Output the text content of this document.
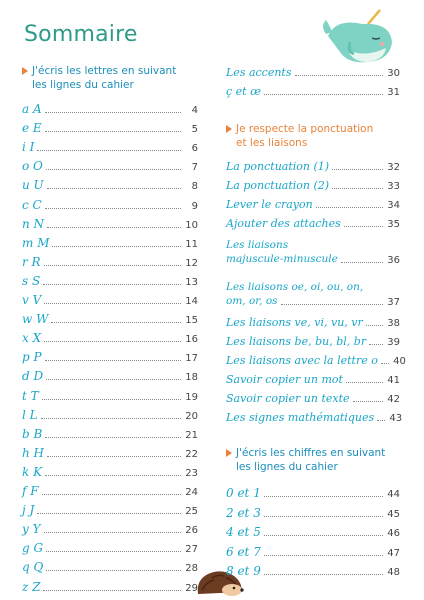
Sommaire
J'écris les lettres en suivant
les lignes du cahier
a A	4
e E	5
i I	6
o O	7
u U	8
c C	9
n N	10
m M	11
r R	12
s S	13
v V	14
w W	15
x X	16
p P	17
d D	18
t T	19
l L	20
b B	21
h H	22
k K	23
f F	24
j J	25
y Y	26
g G	27
q Q	28
z Z	29
Les accents	30
ç et œ	31
Je respecte la ponctuation
et les liaisons
La ponctuation (1)	32
La ponctuation (2)	33
Lever le crayon	34
Ajouter des attaches	35
Les liaisons
majuscule-minuscule	36
Les liaisons oe, oi, ou, on,
om, or, os	37
Les liaisons ve, vi, vu, vr 38
Les liaisons be, bu, bl, br 39
Les liaisons avec la lettre o 40
Savoir copier un mot	41
Savoir copier un texte	42
Les signes mathématiques 43
J'écris les chiffres en suivant
les lignes du cahier
0 et 1	44
2 et 3	45
4 et 5	46
6 et 7	47
8 et 9	48
